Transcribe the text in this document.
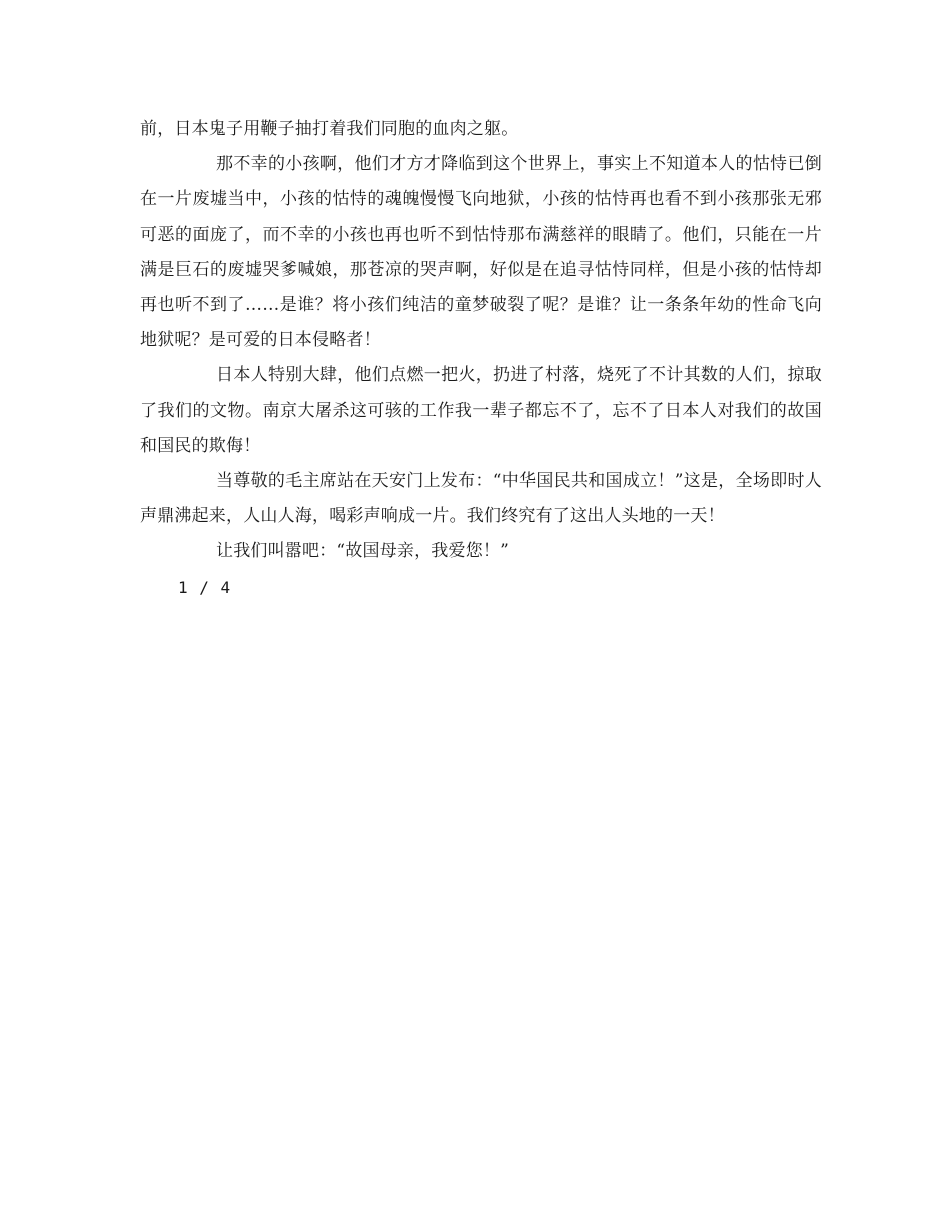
前，日本鬼子用鞭子抽打着我们同胞的血肉之躯。

那不幸的小孩啊，他们才方才降临到这个世界上，事实上不知道本人的怙恃已倒在一片废墟当中，小孩的怙恃的魂魄慢慢飞向地狱，小孩的怙恃再也看不到小孩那张无邪可恶的面庞了，而不幸的小孩也再也听不到怙恃那布满慈祥的眼睛了。他们，只能在一片满是巨石的废墟哭爹喊娘，那苍凉的哭声啊，好似是在追寻怙恃同样，但是小孩的怙恃却再也听不到了……是谁？将小孩们纯洁的童梦破裂了呢？是谁？让一条条年幼的性命飞向地狱呢？是可爱的日本侵略者！

日本人特别大肆，他们点燃一把火，扔进了村落，烧死了不计其数的人们，掠取了我们的文物。南京大屠杀这可骇的工作我一辈子都忘不了，忘不了日本人对我们的故国和国民的欺侮！

当尊敬的毛主席站在天安门上发布：“中华国民共和国成立！”这是，全场即时人声鼎沸起来，人山人海，喝彩声响成一片。我们终究有了这出人头地的一天！

让我们叫嚣吧：“故国母亲，我爱您！”

1 / 4
